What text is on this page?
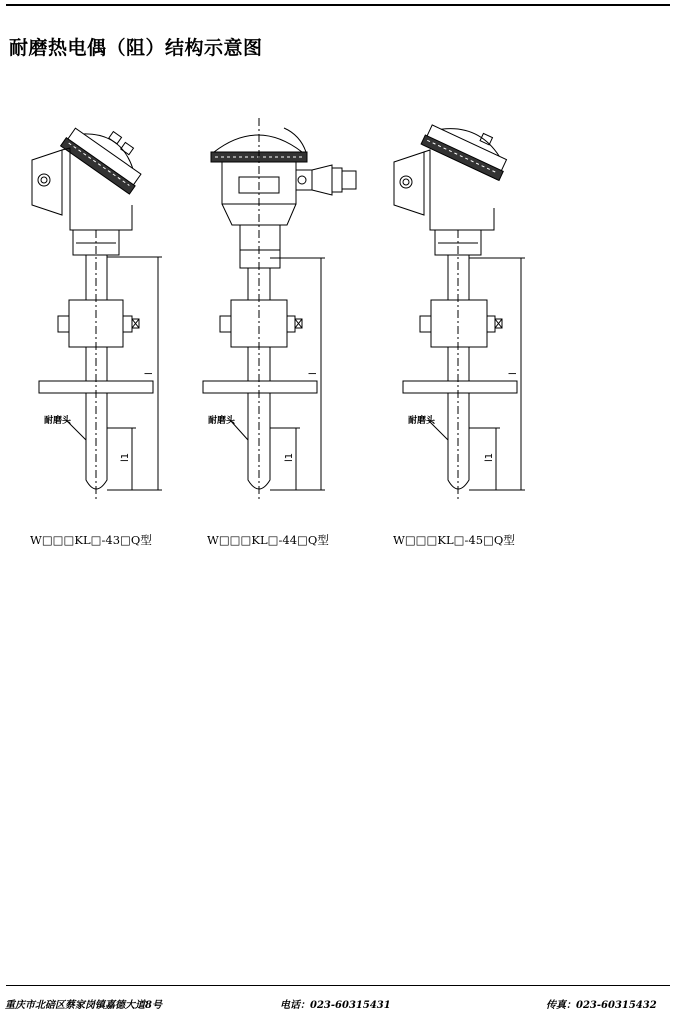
耐磨热电偶（阻）结构示意图
耐磨头	耐磨头	耐磨头
l
l1
l
l1
l
l1
W□□□KL□-43□Q型	W□□□KL□-44□Q型	W□□□KL□-45□Q型
重庆市北碚区蔡家岗镇嘉德大道8号	电话：023-60315431	传真：023-60315432
